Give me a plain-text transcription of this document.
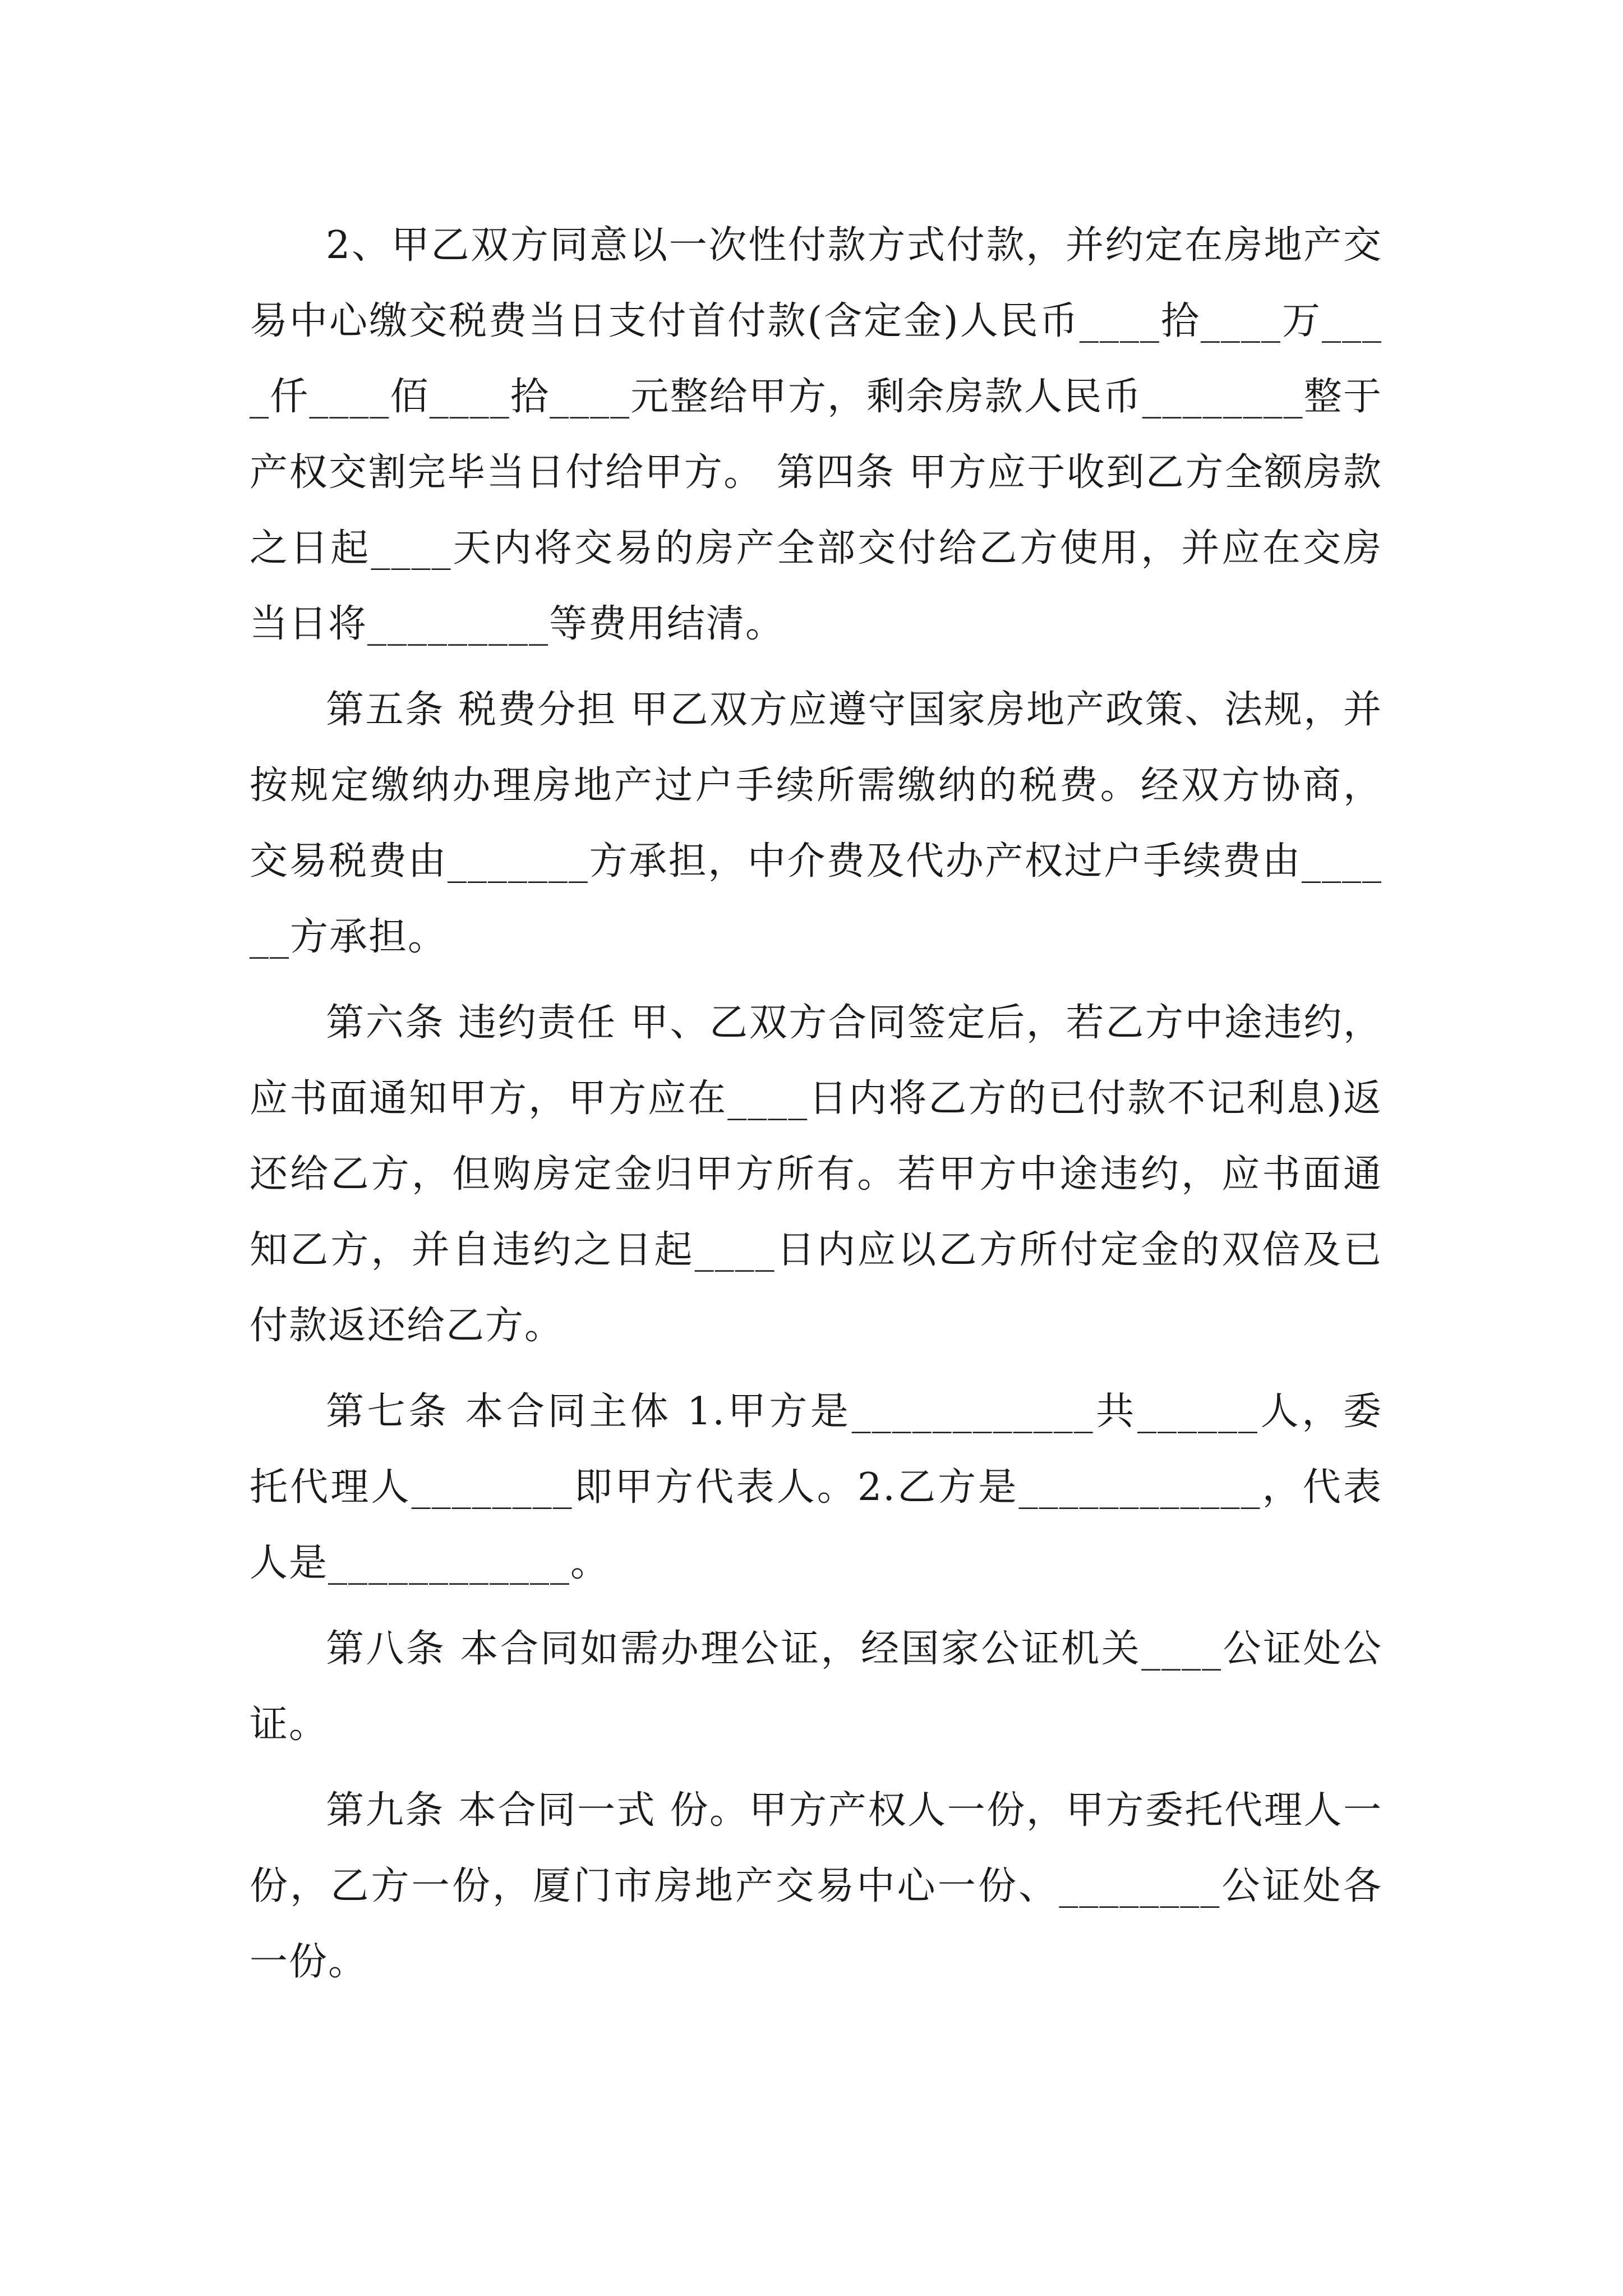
2、甲乙双方同意以一次性付款方式付款，并约定在房地产交易中心缴交税费当日支付首付款(含定金)人民币____拾____万____仟____佰____拾____元整给甲方，剩余房款人民币________整于产权交割完毕当日付给甲方。 第四条 甲方应于收到乙方全额房款之日起____天内将交易的房产全部交付给乙方使用，并应在交房当日将_________等费用结清。

第五条 税费分担 甲乙双方应遵守国家房地产政策、法规，并按规定缴纳办理房地产过户手续所需缴纳的税费。经双方协商，交易税费由_______方承担，中介费及代办产权过户手续费由______方承担。

第六条 违约责任 甲、乙双方合同签定后，若乙方中途违约，应书面通知甲方，甲方应在____日内将乙方的已付款不记利息)返还给乙方，但购房定金归甲方所有。若甲方中途违约，应书面通知乙方，并自违约之日起____日内应以乙方所付定金的双倍及已付款返还给乙方。

第七条 本合同主体 1.甲方是____________共______人，委托代理人________即甲方代表人。2.乙方是____________，代表人是____________。

第八条 本合同如需办理公证，经国家公证机关____公证处公证。

第九条 本合同一式 份。甲方产权人一份，甲方委托代理人一份，乙方一份，厦门市房地产交易中心一份、________公证处各一份。
